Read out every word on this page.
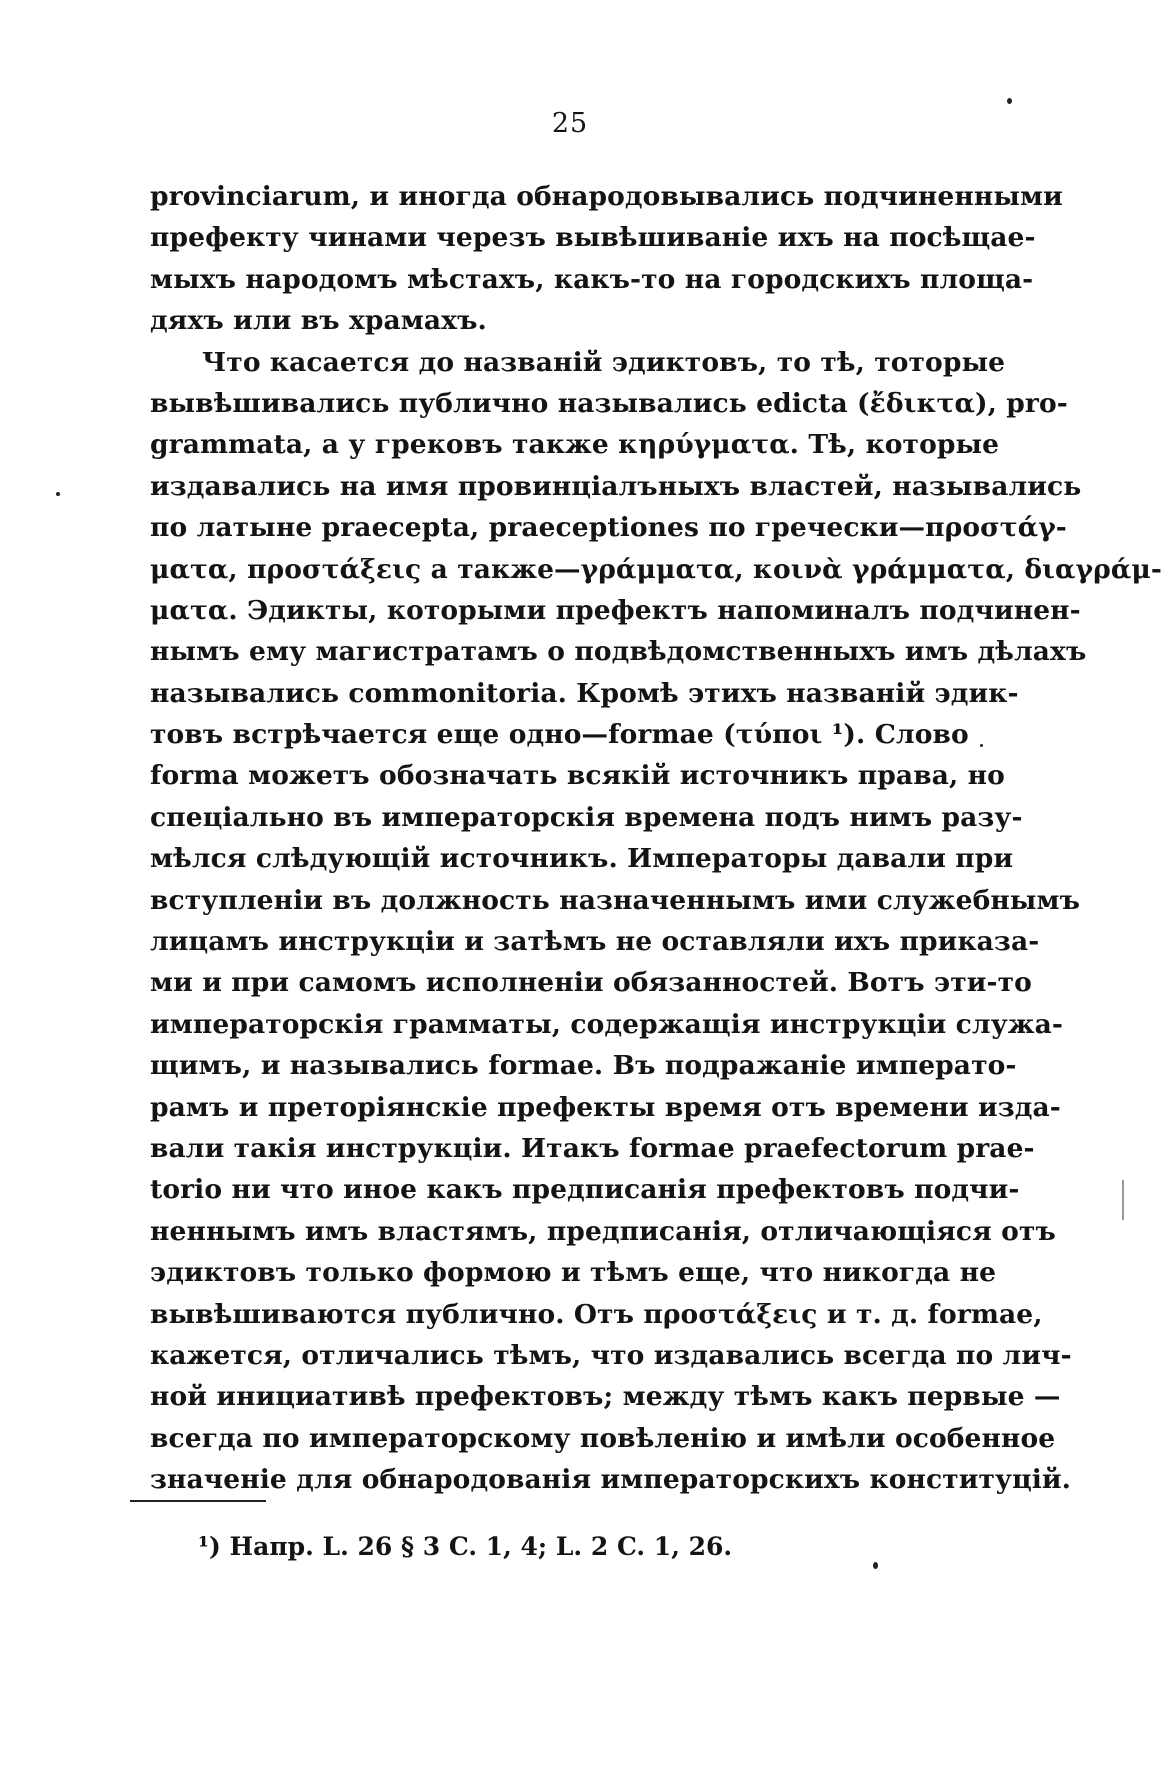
25
provinciarum, и иногда обнародовывались подчиненными
префекту чинами черезъ вывѣшиваніе ихъ на посѣщае-
мыхъ народомъ мѣстахъ, какъ-то на городскихъ площа-
дяхъ или въ храмахъ.
Что касается до названій эдиктовъ, то тѣ, тоторые
вывѣшивались публично назывались edicta (ἔδικτα), pro-
grammata, а у грековъ также κηρύγματα. Тѣ, которые
издавались на имя провинціалъныхъ властей, назывались
по латыне praecepta, praeceptiones по гречески—προστάγ-
ματα, προστάξεις а также—γράμματα, κοινὰ γράμματα, διαγράμ-
ματα. Эдикты, которыми префектъ напоминалъ подчинен-
нымъ ему магистратамъ о подвѣдомственныхъ имъ дѣлахъ
назывались commonitoria. Кромѣ этихъ названій эдик-
товъ встрѣчается еще одно—formae (τύποι ¹). Слово
forma можетъ обозначать всякій источникъ права, но
спеціально въ императорскія времена подъ нимъ разу-
мѣлся слѣдующій источникъ. Императоры давали при
вступленіи въ должность назначеннымъ ими служебнымъ
лицамъ инструкціи и затѣмъ не оставляли ихъ приказа-
ми и при самомъ исполненіи обязанностей. Вотъ эти-то
императорскія грамматы, содержащія инструкціи служа-
щимъ, и назывались formae. Въ подражаніе императо-
рамъ и преторіянскіе префекты время отъ времени изда-
вали такія инструкціи. Итакъ formae praefectorum prae-
torio ни что иное какъ предписанія префектовъ подчи-
неннымъ имъ властямъ, предписанія, отличающіяся отъ
эдиктовъ только формою и тѣмъ еще, что никогда не
вывѣшиваются публично. Отъ προστάξεις и т. д. formae,
кажется, отличались тѣмъ, что издавались всегда по лич-
ной инициативѣ префектовъ; между тѣмъ какъ первые —
всегда по императорскому повѣленію и имѣли особенное
значеніе для обнародованія императорскихъ конституцій.
¹) Напр. L. 26 § 3 C. 1, 4; L. 2 C. 1, 26.
